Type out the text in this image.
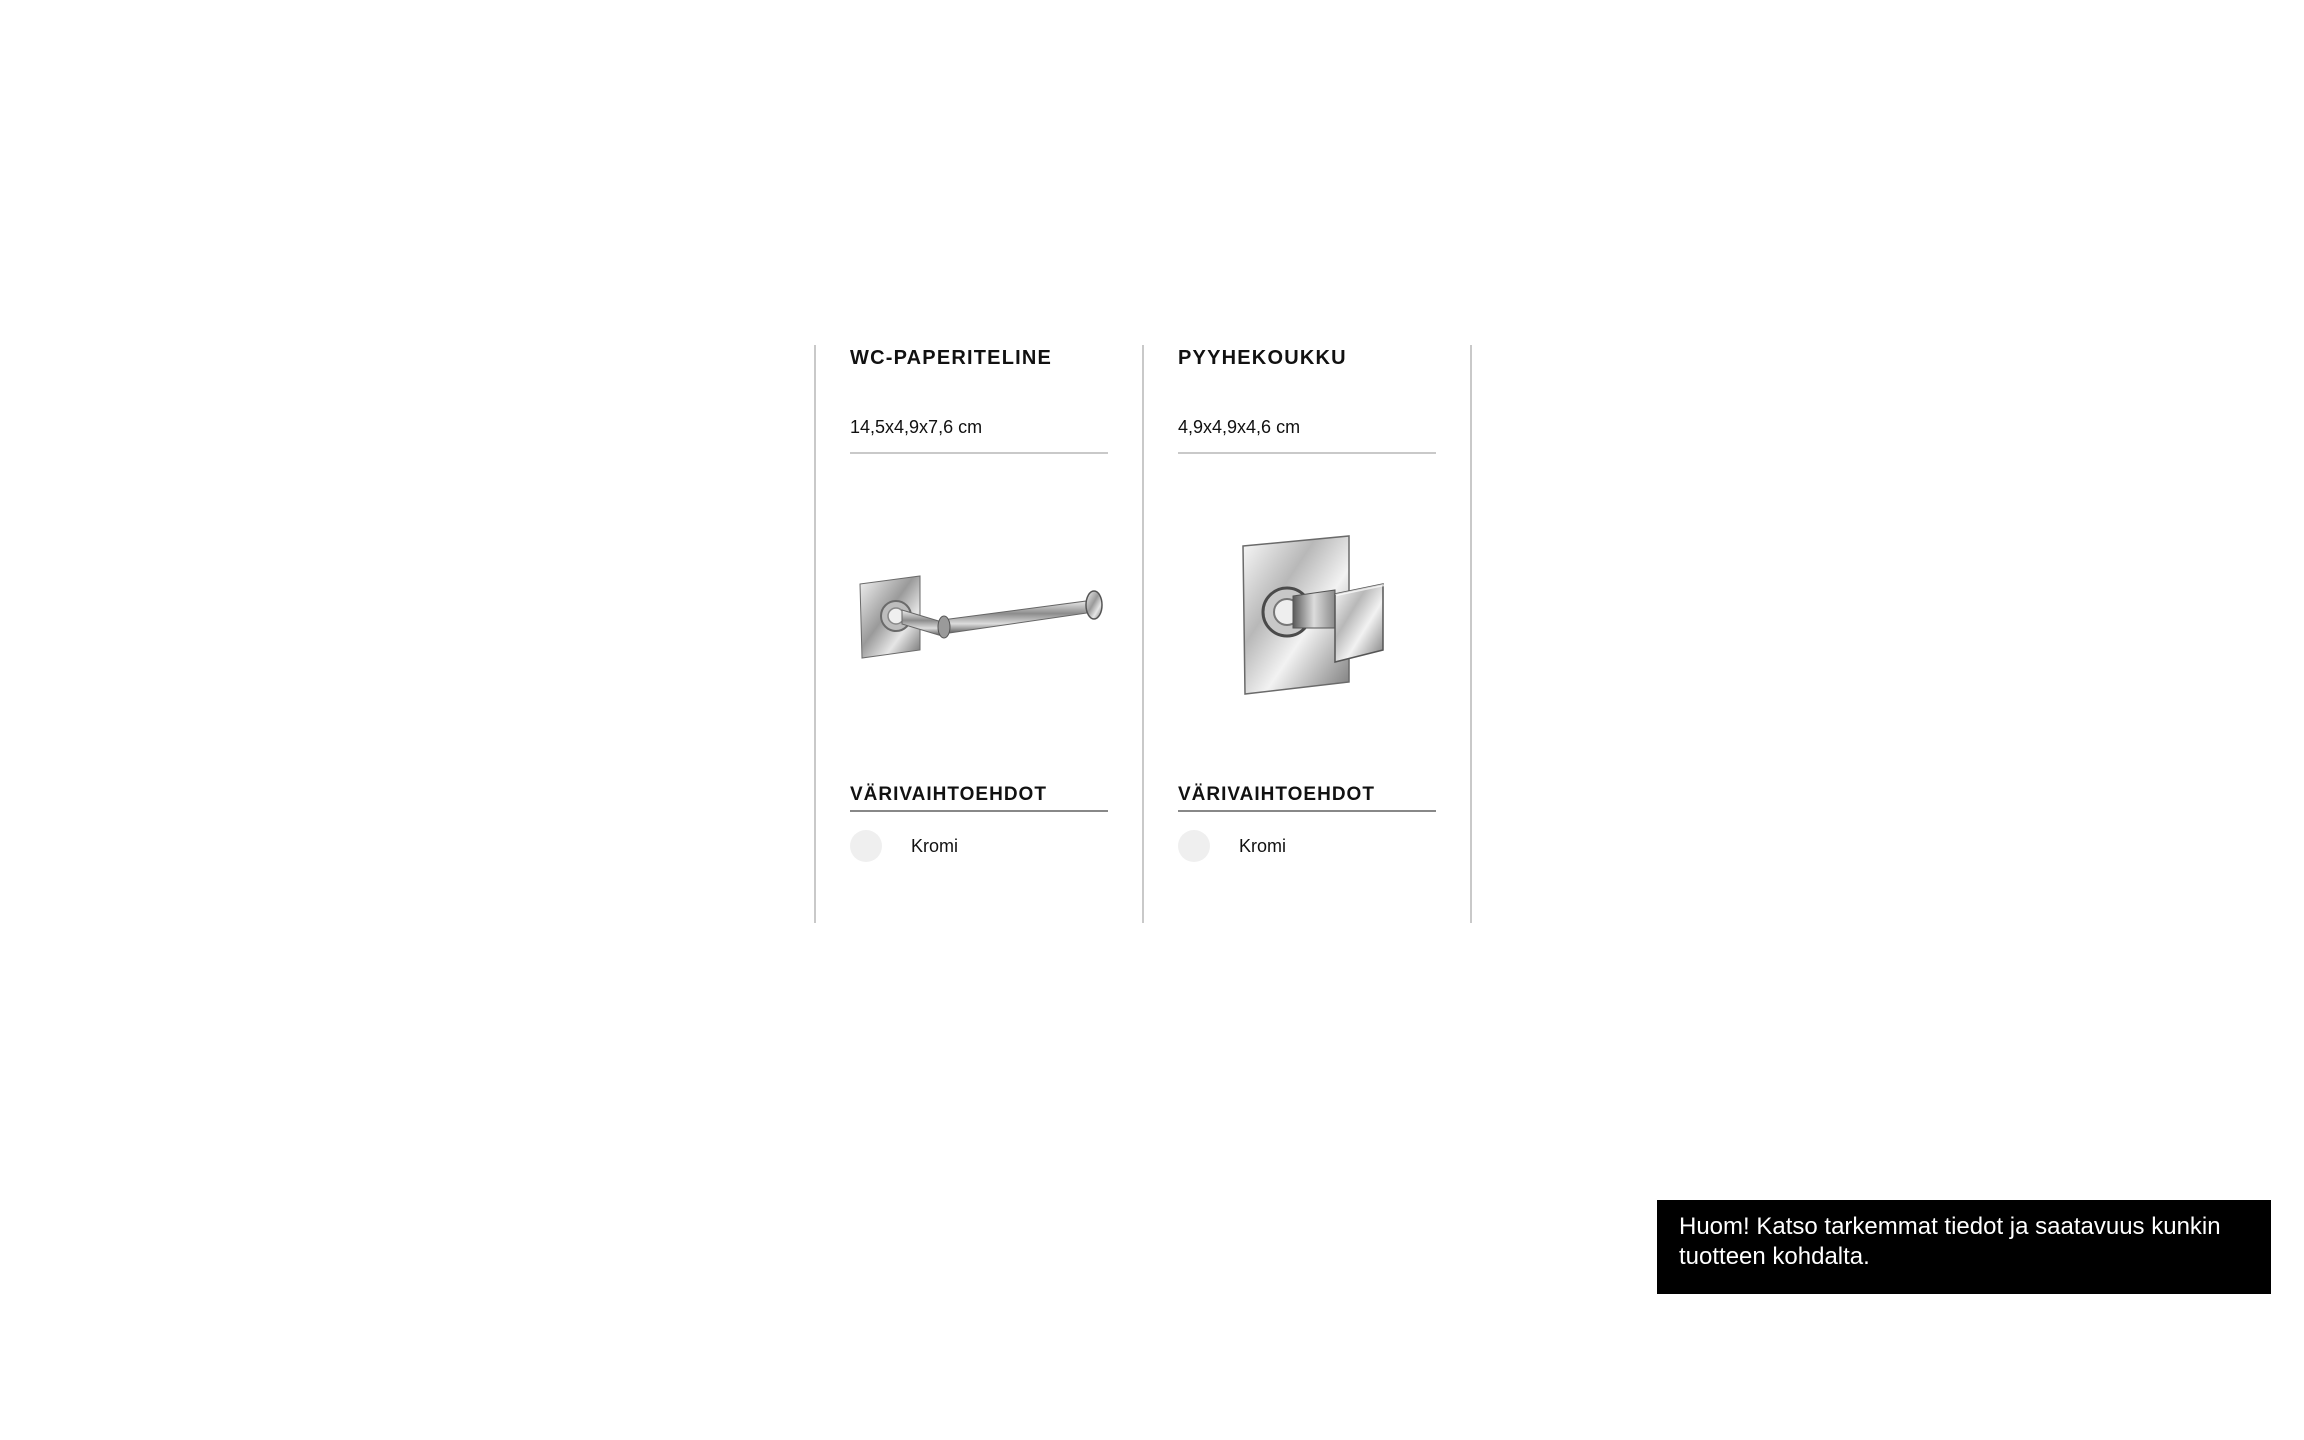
WC-PAPERITELINE
14,5x4,9x7,6 cm
VÄRIVAIHTOEHDOT
Kromi
PYYHEKOUKKU
4,9x4,9x4,6 cm
VÄRIVAIHTOEHDOT
Kromi
Huom! Katso tarkemmat tiedot ja saatavuus kunkin tuotteen kohdalta.
